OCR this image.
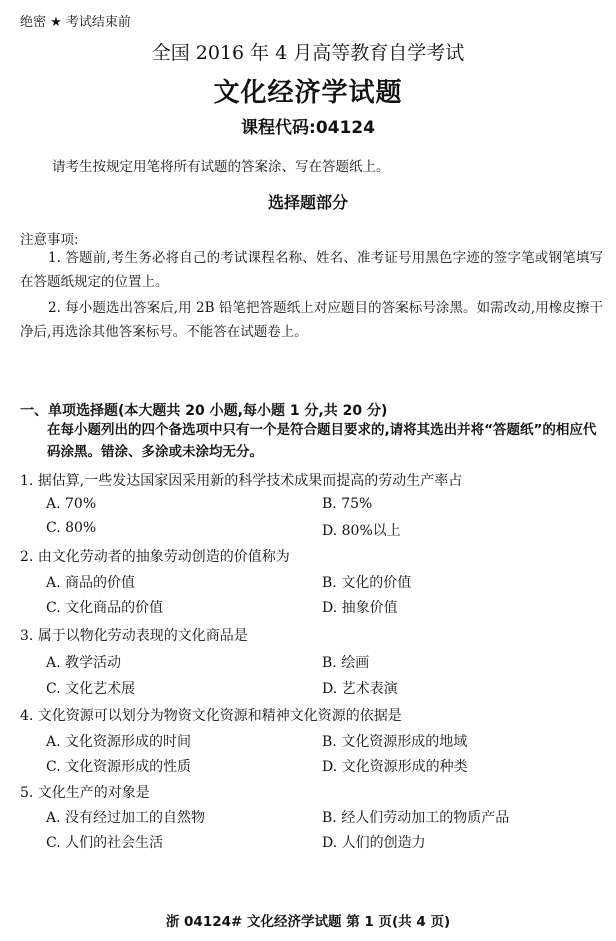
绝密 ★ 考试结束前
全国 2016 年 4 月高等教育自学考试
文化经济学试题
课程代码:04124
请考生按规定用笔将所有试题的答案涂、写在答题纸上。
选择题部分
注意事项:
1. 答题前,考生务必将自己的考试课程名称、姓名、准考证号用黑色字迹的签字笔或钢笔填写在答题纸规定的位置上。
2. 每小题选出答案后,用 2B 铅笔把答题纸上对应题目的答案标号涂黑。如需改动,用橡皮擦干净后,再选涂其他答案标号。不能答在试题卷上。
一、单项选择题(本大题共 20 小题,每小题 1 分,共 20 分)
在每小题列出的四个备选项中只有一个是符合题目要求的,请将其选出并将“答题纸”的相应代码涂黑。错涂、多涂或未涂均无分。
1. 据估算,一些发达国家因采用新的科学技术成果而提高的劳动生产率占
A. 70%	B. 75%
C. 80%	D. 80%以上
2. 由文化劳动者的抽象劳动创造的价值称为
A. 商品的价值	B. 文化的价值
C. 文化商品的价值	D. 抽象价值
3. 属于以物化劳动表现的文化商品是
A. 教学活动	B. 绘画
C. 文化艺术展	D. 艺术表演
4. 文化资源可以划分为物资文化资源和精神文化资源的依据是
A. 文化资源形成的时间	B. 文化资源形成的地域
C. 文化资源形成的性质	D. 文化资源形成的种类
5. 文化生产的对象是
A. 没有经过加工的自然物	B. 经人们劳动加工的物质产品
C. 人们的社会生活	D. 人们的创造力
浙 04124# 文化经济学试题 第 1 页(共 4 页)
